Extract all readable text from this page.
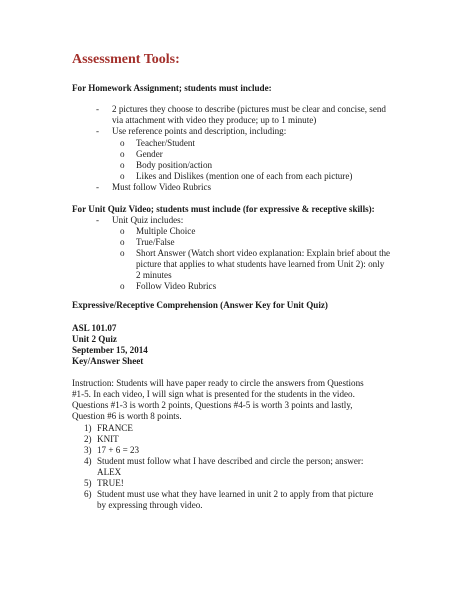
Assessment Tools:
For Homework Assignment; students must include:
- 2 pictures they choose to describe (pictures must be clear and concise, send
via attachment with video they produce; up to 1 minute)
- Use reference points and description, including:
o Teacher/Student
o Gender
o Body position/action
o Likes and Dislikes (mention one of each from each picture)
- Must follow Video Rubrics
For Unit Quiz Video; students must include (for expressive & receptive skills):
- Unit Quiz includes:
o Multiple Choice
o True/False
o Short Answer (Watch short video explanation: Explain brief about the
picture that applies to what students have learned from Unit 2): only
2 minutes
o Follow Video Rubrics
Expressive/Receptive Comprehension (Answer Key for Unit Quiz)
ASL 101.07
Unit 2 Quiz
September 15, 2014
Key/Answer Sheet
Instruction: Students will have paper ready to circle the answers from Questions
#1-5. In each video, I will sign what is presented for the students in the video.
Questions #1-3 is worth 2 points, Questions #4-5 is worth 3 points and lastly,
Question #6 is worth 8 points.
1) FRANCE
2) KNIT
3) 17 + 6 = 23
4) Student must follow what I have described and circle the person; answer:
ALEX
5) TRUE!
6) Student must use what they have learned in unit 2 to apply from that picture
by expressing through video.
